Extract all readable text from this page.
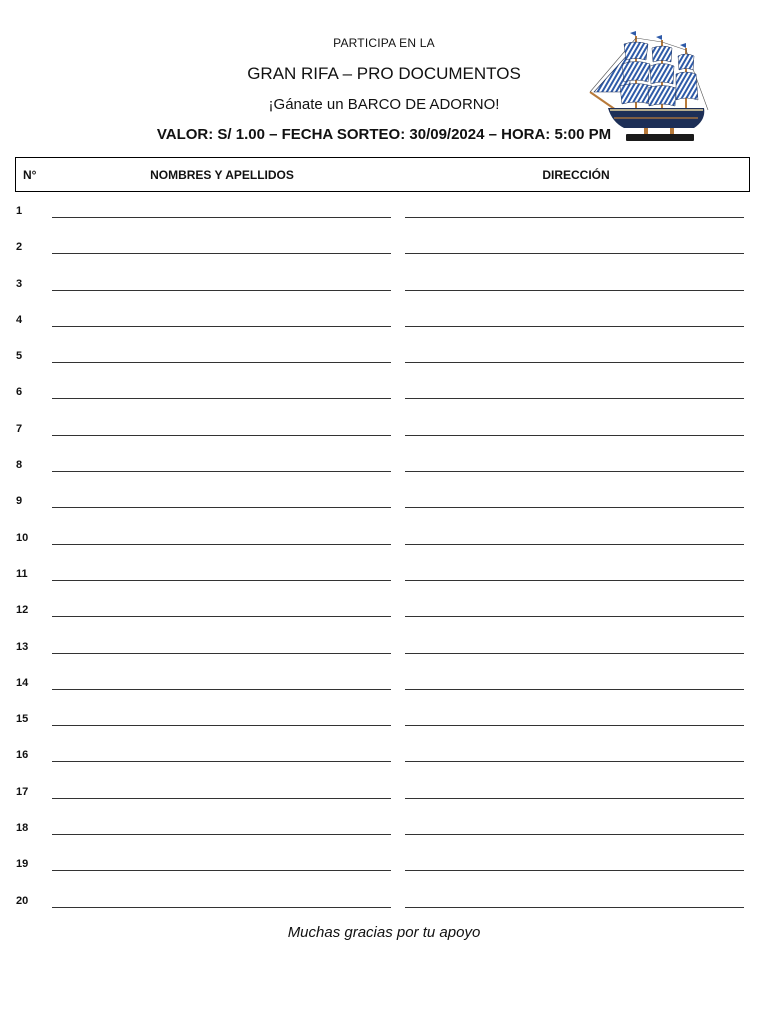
PARTICIPA EN LA
GRAN RIFA – PRO DOCUMENTOS
¡Gánate un BARCO DE ADORNO!
VALOR: S/ 1.00 – FECHA SORTEO: 30/09/2024 – HORA: 5:00 PM
N°	NOMBRES Y APELLIDOS	DIRECCIÓN
1
2
3
4
5
6
7
8
9
10
11
12
13
14
15
16
17
18
19
20
Muchas gracias por tu apoyo
